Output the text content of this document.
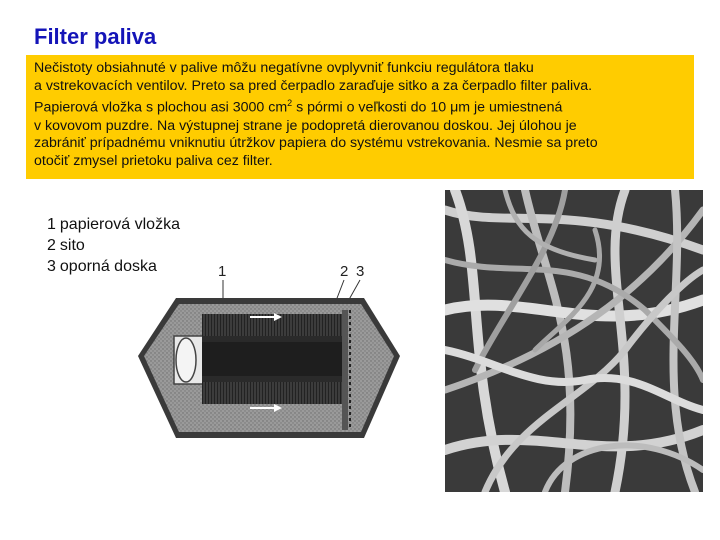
Filter paliva
Nečistoty obsiahnuté v palive môžu negatívne ovplyvniť funkciu regulátora tlaku
a vstrekovacích ventilov. Preto sa pred čerpadlo zaraďuje sitko a za čerpadlo filter paliva.
Papierová vložka s plochou asi 3000 $cm^2$ s pórmi o veľkosti do 10 μm je umiestnená
v kovovom puzdre. Na výstupnej strane je podopretá dierovanou doskou. Jej úlohou je
zabrániť prípadnému vniknutiu útržkov papiera do systému vstrekovania. Nesmie sa preto
otočiť zmysel prietoku paliva cez filter.
1 papierová vložka
2 sito
3 oporná doska	1	2 3
